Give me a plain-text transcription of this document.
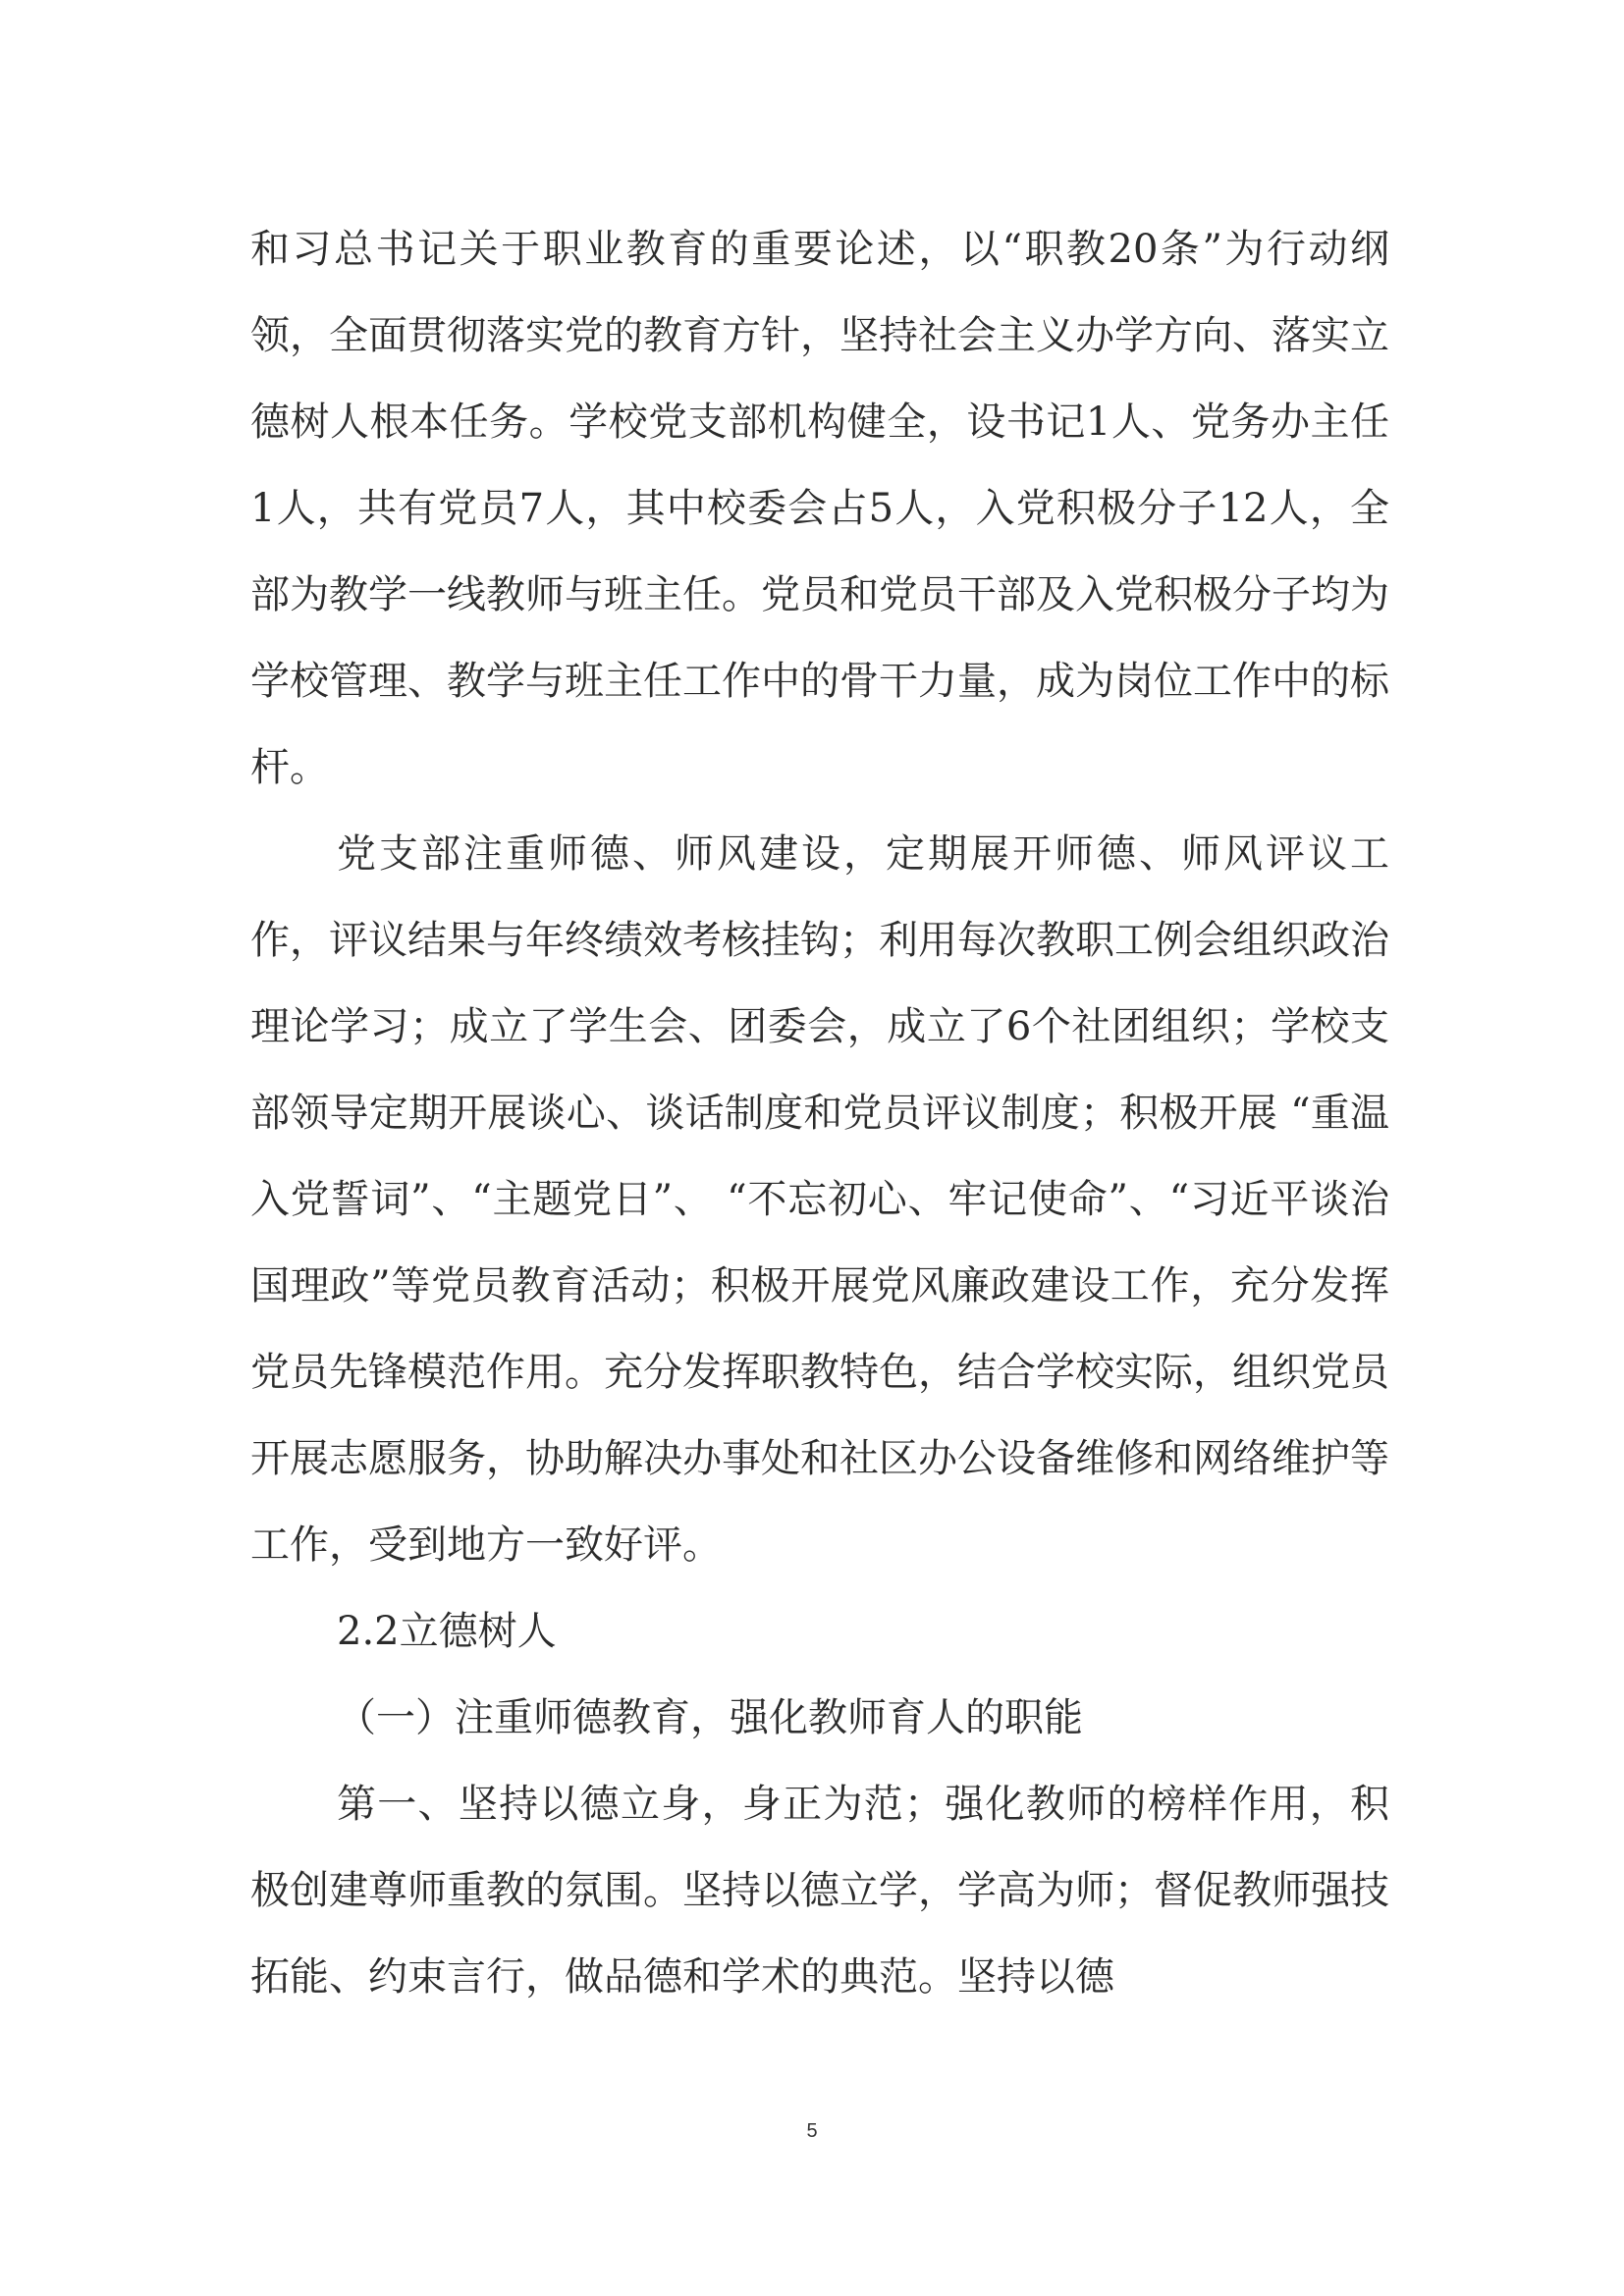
和习总书记关于职业教育的重要论述，以“职教20条”为行动纲领，全面贯彻落实党的教育方针，坚持社会主义办学方向、落实立德树人根本任务。学校党支部机构健全，设书记1人、党务办主任1人，共有党员7人，其中校委会占5人，入党积极分子12人，全部为教学一线教师与班主任。党员和党员干部及入党积极分子均为学校管理、教学与班主任工作中的骨干力量，成为岗位工作中的标杆。

党支部注重师德、师风建设，定期展开师德、师风评议工作，评议结果与年终绩效考核挂钩；利用每次教职工例会组织政治理论学习；成立了学生会、团委会，成立了6个社团组织；学校支部领导定期开展谈心、谈话制度和党员评议制度；积极开展 “重温入党誓词”、“主题党日”、 “不忘初心、牢记使命”、“习近平谈治国理政”等党员教育活动；积极开展党风廉政建设工作，充分发挥党员先锋模范作用。充分发挥职教特色，结合学校实际，组织党员开展志愿服务，协助解决办事处和社区办公设备维修和网络维护等工作，受到地方一致好评。

2.2立德树人

（一）注重师德教育，强化教师育人的职能

第一、坚持以德立身，身正为范；强化教师的榜样作用，积极创建尊师重教的氛围。坚持以德立学，学高为师；督促教师强技拓能、约束言行，做品德和学术的典范。坚持以德

5
